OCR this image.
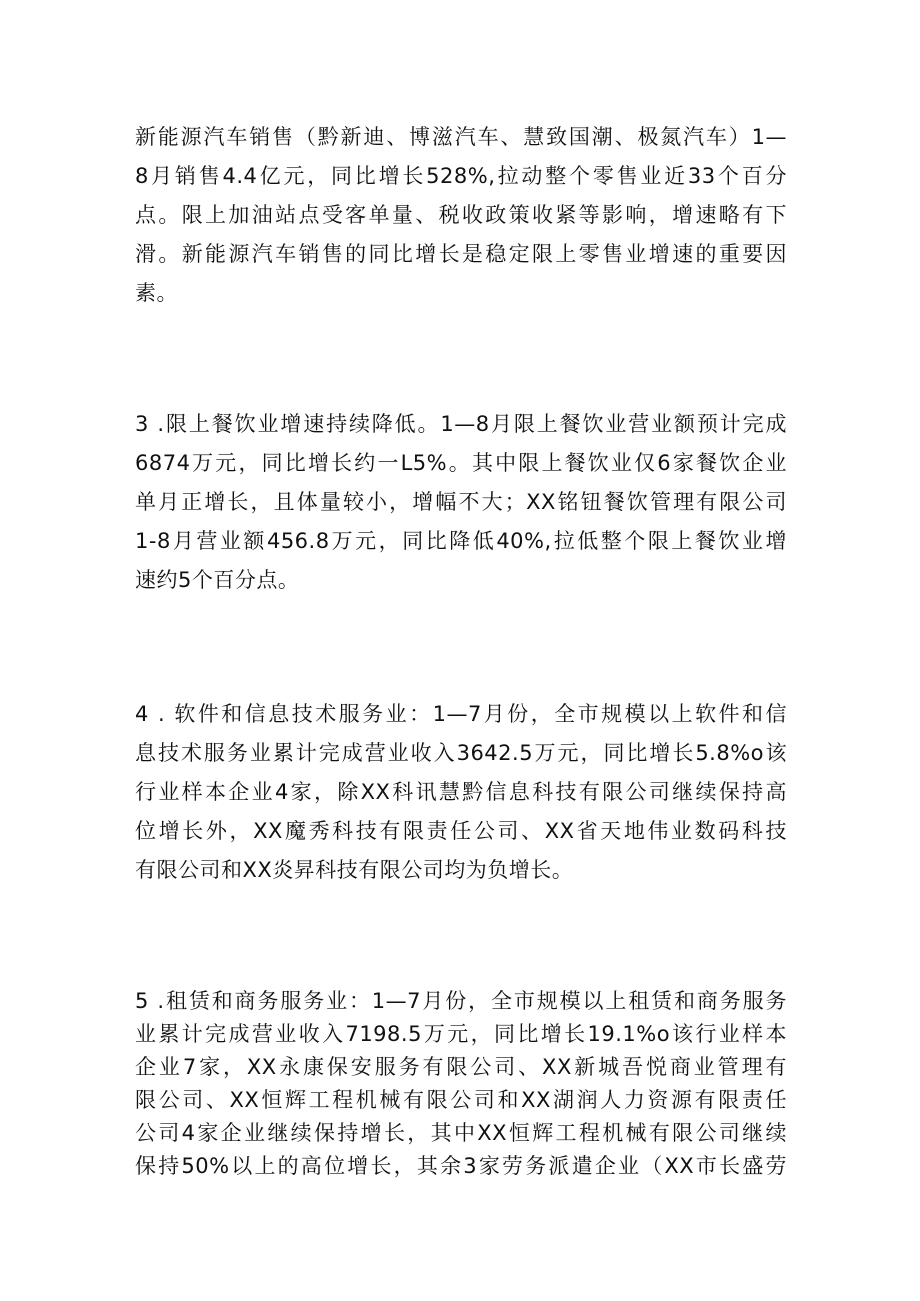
新能源汽车销售（黔新迪、博滋汽车、慧致国潮、极氮汽车）1—
8月销售4.4亿元，同比增长528%,拉动整个零售业近33个百分
点。限上加油站点受客单量、税收政策收紧等影响，增速略有下
滑。新能源汽车销售的同比增长是稳定限上零售业增速的重要因
素。
3 .限上餐饮业增速持续降低。1—8月限上餐饮业营业额预计完成
6874万元，同比增长约一L5%。其中限上餐饮业仅6家餐饮企业
单月正增长，且体量较小，增幅不大；XX铭钮餐饮管理有限公司
1-8月营业额456.8万元，同比降低40%,拉低整个限上餐饮业增
速约5个百分点。
4 . 软件和信息技术服务业：1—7月份，全市规模以上软件和信
息技术服务业累计完成营业收入3642.5万元，同比增长5.8%o该
行业样本企业4家，除XX科讯慧黔信息科技有限公司继续保持高
位增长外，XX魔秀科技有限责任公司、XX省天地伟业数码科技
有限公司和XX炎昇科技有限公司均为负增长。
5 .租赁和商务服务业：1—7月份，全市规模以上租赁和商务服务
业累计完成营业收入7198.5万元，同比增长19.1%o该行业样本
企业7家，XX永康保安服务有限公司、XX新城吾悦商业管理有
限公司、XX恒辉工程机械有限公司和XX湖润人力资源有限责任
公司4家企业继续保持增长，其中XX恒辉工程机械有限公司继续
保持50%以上的高位增长，其余3家劳务派遣企业（XX市长盛劳
